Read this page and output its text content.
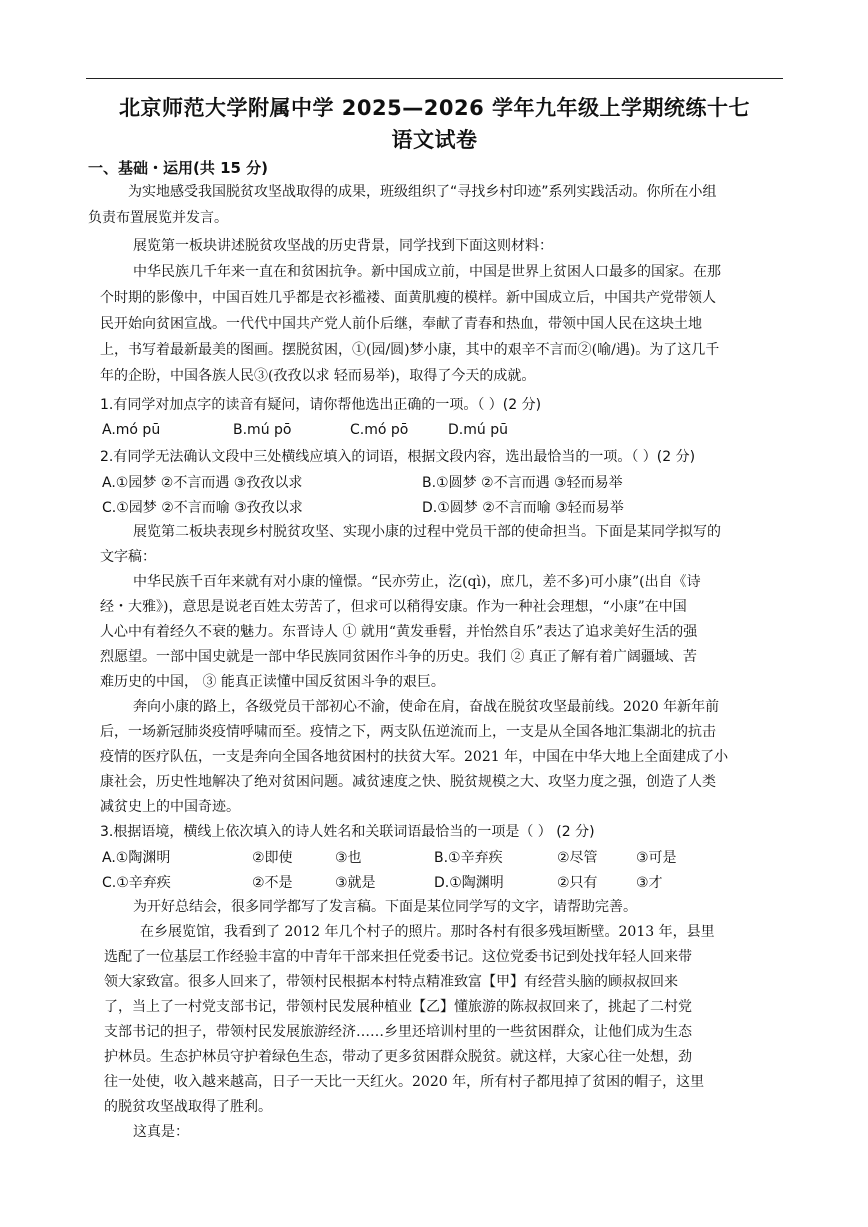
北京师范大学附属中学 2025—2026 学年九年级上学期统练十七
语文试卷
一、基础・运用(共 15 分)
为实地感受我国脱贫攻坚战取得的成果，班级组织了“寻找乡村印迹”系列实践活动。你所在小组
负责布置展览并发言。
展览第一板块讲述脱贫攻坚战的历史背景，同学找到下面这则材料：
中华民族几千年来一直在和贫困抗争。新中国成立前，中国是世界上贫困人口最多的国家。在那
个时期的影像中，中国百姓几乎都是衣衫褴褛、面黄肌瘦的模样。新中国成立后，中国共产党带领人
民开始向贫困宣战。一代代中国共产党人前仆后继，奉献了青春和热血，带领中国人民在这块土地
上，书写着最新最美的图画。摆脱贫困，①(园/圆)梦小康，其中的艰辛不言而②(喻/遇)。为了这几千
年的企盼，中国各族人民③(孜孜以求 轻而易举)，取得了今天的成就。
1.有同学对加点字的读音有疑问，请你帮他选出正确的一项。（ ）(2 分)
A.mó pū	B.mú pō	C.mó pō	D.mú pū
2.有同学无法确认文段中三处横线应填入的词语，根据文段内容，选出最恰当的一项。（ ）(2 分)
A.①园梦 ②不言而遇 ③孜孜以求	B.①圆梦 ②不言而遇 ③轻而易举
C.①园梦 ②不言而喻 ③孜孜以求	D.①圆梦 ②不言而喻 ③轻而易举
展览第二板块表现乡村脱贫攻坚、实现小康的过程中党员干部的使命担当。下面是某同学拟写的
文字稿：
中华民族千百年来就有对小康的憧憬。“民亦劳止，汔(qì)，庶几，差不多)可小康”(出自《诗
经・大雅》)，意思是说老百姓太劳苦了，但求可以稍得安康。作为一种社会理想，“小康”在中国
人心中有着经久不衰的魅力。东晋诗人 ① 就用“黄发垂髫，并怡然自乐”表达了追求美好生活的强
烈愿望。一部中国史就是一部中华民族同贫困作斗争的历史。我们 ② 真正了解有着广阔疆域、苦
难历史的中国， ③ 能真正读懂中国反贫困斗争的艰巨。
奔向小康的路上，各级党员干部初心不渝，使命在肩，奋战在脱贫攻坚最前线。2020 年新年前
后，一场新冠肺炎疫情呼啸而至。疫情之下，两支队伍逆流而上，一支是从全国各地汇集湖北的抗击
疫情的医疗队伍，一支是奔向全国各地贫困村的扶贫大军。2021 年，中国在中华大地上全面建成了小
康社会，历史性地解决了绝对贫困问题。减贫速度之快、脱贫规模之大、攻坚力度之强，创造了人类
减贫史上的中国奇迹。
3.根据语境，横线上依次填入的诗人姓名和关联词语最恰当的一项是（ ） (2 分)
A.①陶渊明	②即使	③也	B.①辛弃疾	②尽管	③可是
C.①辛弃疾	②不是	③就是	D.①陶渊明	②只有	③才
为开好总结会，很多同学都写了发言稿。下面是某位同学写的文字，请帮助完善。
在乡展览馆，我看到了 2012 年几个村子的照片。那时各村有很多残垣断壁。2013 年，县里
选配了一位基层工作经验丰富的中青年干部来担任党委书记。这位党委书记到处找年轻人回来带
领大家致富。很多人回来了，带领村民根据本村特点精准致富【甲】有经营头脑的顾叔叔回来
了，当上了一村党支部书记，带领村民发展种植业【乙】懂旅游的陈叔叔回来了，挑起了二村党
支部书记的担子，带领村民发展旅游经济……乡里还培训村里的一些贫困群众，让他们成为生态
护林员。生态护林员守护着绿色生态，带动了更多贫困群众脱贫。就这样，大家心往一处想，劲
往一处使，收入越来越高，日子一天比一天红火。2020 年，所有村子都甩掉了贫困的帽子，这里
的脱贫攻坚战取得了胜利。
这真是：
